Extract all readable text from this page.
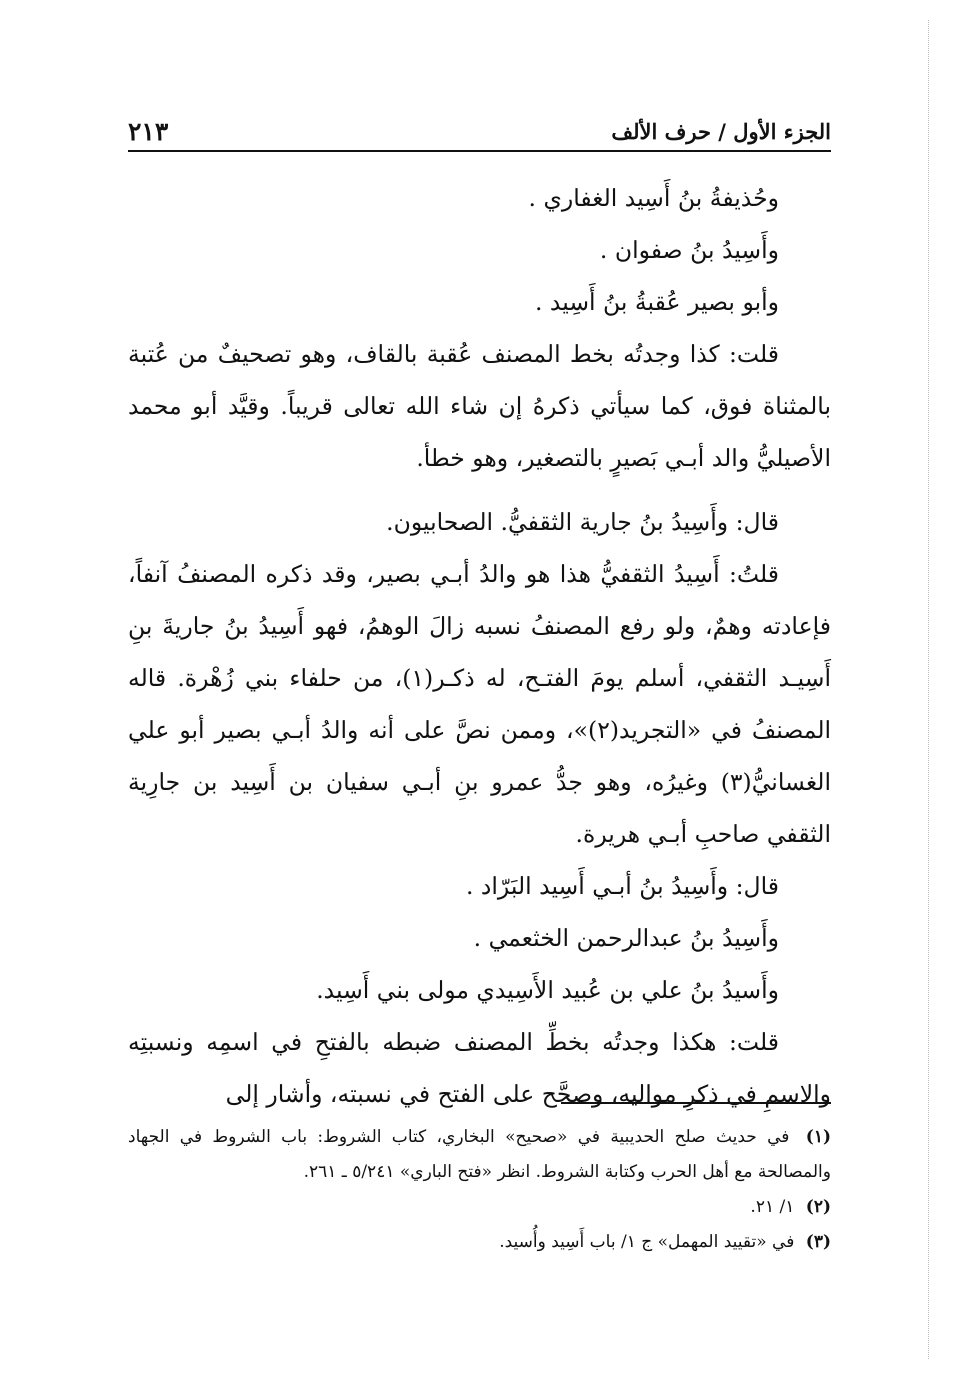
الجزء الأول / حرف الألف
٢١٣

وحُذيفةُ بنُ أَسِيد الغفاري .

وأَسِيدُ بنُ صفوان .

وأبو بصير عُقبةُ بنُ أَسِيد .

قلت: كذا وجدتُه بخط المصنف عُقبة بالقاف، وهو تصحيفٌ من عُتبة بالمثناة فوق، كما سيأتي ذكرهُ إن شاء الله تعالى قريباً. وقيَّد أبو محمد الأصيليُّ والد أبـي بَصيرٍ بالتصغير، وهو خطأ.

قال: وأَسِيدُ بنُ جارية الثقفيُّ. الصحابيون.

قلتُ: أَسِيدُ الثقفيُّ هذا هو والدُ أبـي بصير، وقد ذكره المصنفُ آنفاً، فإعادته وهمٌ، ولو رفع المصنفُ نسبه زالَ الوهمُ، فهو أَسِيدُ بنُ جاريةَ بنِ أَسِيـد الثقفي، أسلم يومَ الفتـح، له ذكـر(١)، من حلفاء بني زُهْرة. قاله المصنفُ في «التجريد(٢)»، وممن نصَّ على أنه والدُ أبـي بصير أبو علي الغسانيُّ(٣) وغيرُه، وهو جدُّ عمرو بنِ أبـي سفيان بن أَسِيد بن جارِية الثقفي صاحبِ أبـي هريرة.

قال: وأَسِيدُ بنُ أبـي أَسِيد البَرّاد .

وأَسِيدُ بنُ عبدالرحمن الخثعمي .

وأَسيدُ بنُ علي بن عُبيد الأَسِيدي مولى بني أَسِيد.

قلت: هكذا وجدتُه بخطِّ المصنف ضبطه بالفتحِ في اسمِه ونسبتِه والاسمِ في ذكرِ مواليه، وصحَّح على الفتح في نسبته، وأشار إلى

(١) في حديث صلح الحديبية في «صحيح» البخاري، كتاب الشروط: باب الشروط في الجهاد والمصالحة مع أهل الحرب وكتابة الشروط. انظر «فتح الباري» ٥/٢٤١ ـ ٢٦١.

(٢) ١/ ٢١.

(٣) في «تقييد المهمل» ج ١/ باب أَسِيد وأُسيد.
